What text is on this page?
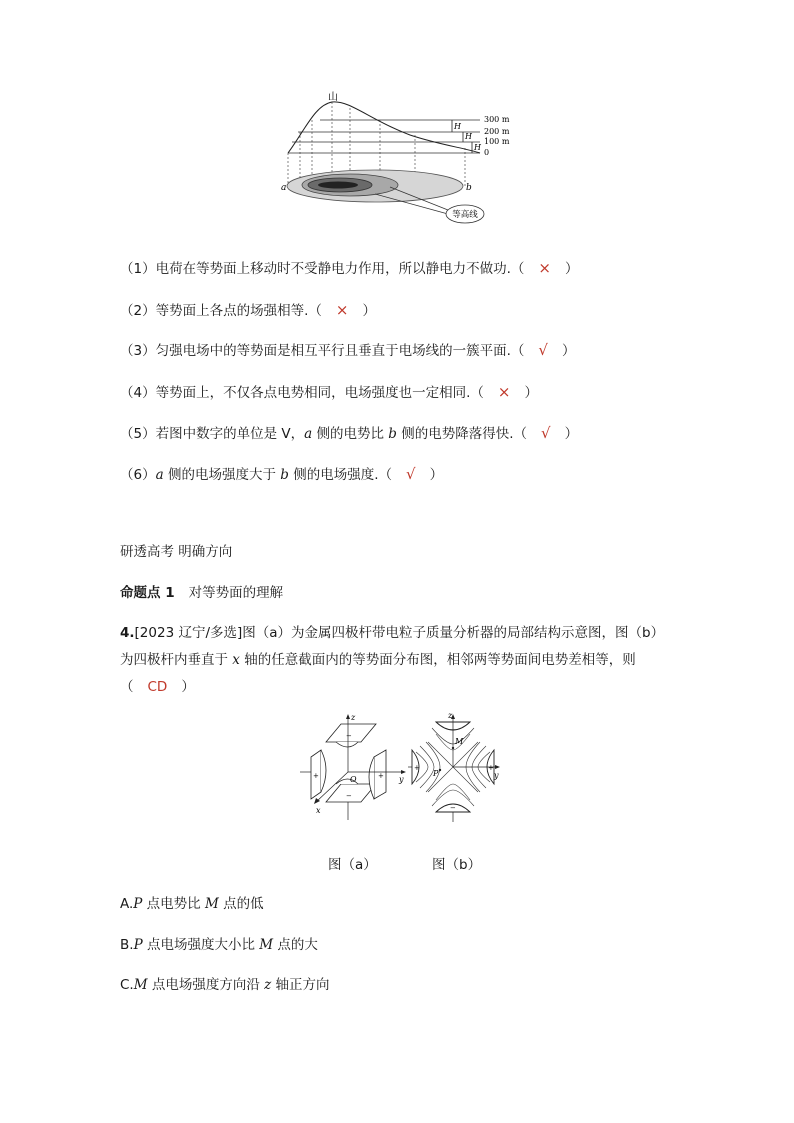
H
H
H
300 m
200 m
100 m
0
山
a	b
等高线
（1）电荷在等势面上移动时不受静电力作用，所以静电力不做功.（ × ）
（2）等势面上各点的场强相等.（ × ）
（3）匀强电场中的等势面是相互平行且垂直于电场线的一簇平面.（ √ ）
（4）等势面上，不仅各点电势相同，电场强度也一定相同.（ × ）
（5）若图中数字的单位是 V，a 侧的电势比 b 侧的电势降落得快.（ √ ）
（6）a 侧的电场强度大于 b 侧的电场强度.（ √ ）
研透高考 明确方向
命题点 1 对等势面的理解
4.[2023 辽宁/多选]图（a）为金属四极杆带电粒子质量分析器的局部结构示意图，图（b）
为四极杆内垂直于 x 轴的任意截面内的等势面分布图，相邻两等势面间电势差相等，则
（ CD ）
z
y
x
O
+	+
−
−
z
y
M
P
−
−
+	+
图（a）	图（b）
A.P 点电势比 M 点的低
B.P 点电场强度大小比 M 点的大
C.M 点电场强度方向沿 z 轴正方向
